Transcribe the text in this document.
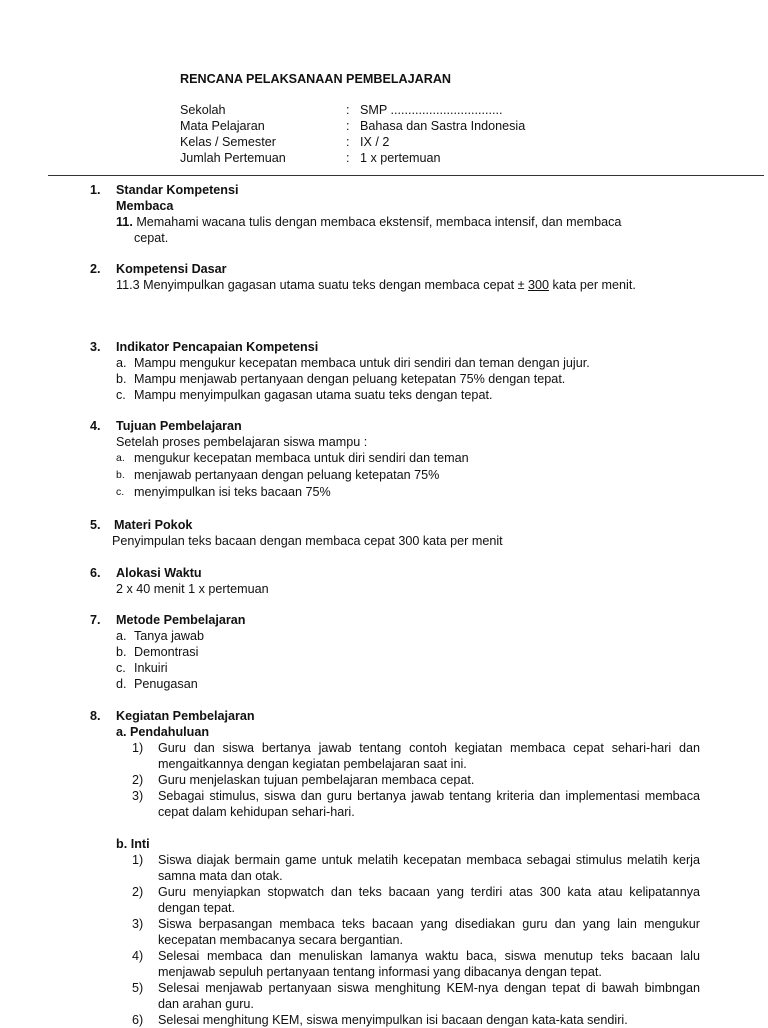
RENCANA PELAKSANAAN PEMBELAJARAN
Sekolah	: SMP ................................
Mata Pelajaran	: Bahasa dan Sastra Indonesia
Kelas / Semester	: IX / 2
Jumlah Pertemuan	: 1 x pertemuan
1.	Standar Kompetensi
Membaca
11. Memahami wacana tulis dengan membaca ekstensif, membaca intensif, dan membaca
cepat.
2.	Kompetensi Dasar
11.3 Menyimpulkan gagasan utama suatu teks dengan membaca cepat ± 300 kata per menit.
3.	Indikator Pencapaian Kompetensi
a. Mampu mengukur kecepatan membaca untuk diri sendiri dan teman dengan jujur.
b. Mampu menjawab pertanyaan dengan peluang ketepatan 75% dengan tepat.
c. Mampu menyimpulkan gagasan utama suatu teks dengan tepat.
4.	Tujuan Pembelajaran
Setelah proses pembelajaran siswa mampu :
a. mengukur kecepatan membaca untuk diri sendiri dan teman
b. menjawab pertanyaan dengan peluang ketepatan 75%
c. menyimpulkan isi teks bacaan 75%
5.	Materi Pokok
Penyimpulan teks bacaan dengan membaca cepat 300 kata per menit
6.	Alokasi Waktu
2 x 40 menit 1 x pertemuan
7.	Metode Pembelajaran
a. Tanya jawab
b. Demontrasi
c. Inkuiri
d. Penugasan
8.	Kegiatan Pembelajaran
a. Pendahuluan
1)	Guru dan siswa bertanya jawab tentang contoh kegiatan membaca cepat sehari-hari dan mengaitkannya dengan kegiatan pembelajaran saat ini.
2)	Guru menjelaskan tujuan pembelajaran membaca cepat.
3)	Sebagai stimulus, siswa dan guru bertanya jawab tentang kriteria dan implementasi membaca cepat dalam kehidupan sehari-hari.
b. Inti
1)	Siswa diajak bermain game untuk melatih kecepatan membaca sebagai stimulus melatih kerja samna mata dan otak.
2)	Guru menyiapkan stopwatch dan teks bacaan yang terdiri atas 300 kata atau kelipatannya dengan tepat.
3)	Siswa berpasangan membaca teks bacaan yang disediakan guru dan yang lain mengukur kecepatan membacanya secara bergantian.
4)	Selesai membaca dan menuliskan lamanya waktu baca, siswa menutup teks bacaan lalu menjawab sepuluh pertanyaan tentang informasi yang dibacanya dengan tepat.
5)	Selesai menjawab pertanyaan siswa menghitung KEM-nya dengan tepat di bawah bimbngan dan arahan guru.
6)	Selesai menghitung KEM, siswa menyimpulkan isi bacaan dengan kata-kata sendiri.
